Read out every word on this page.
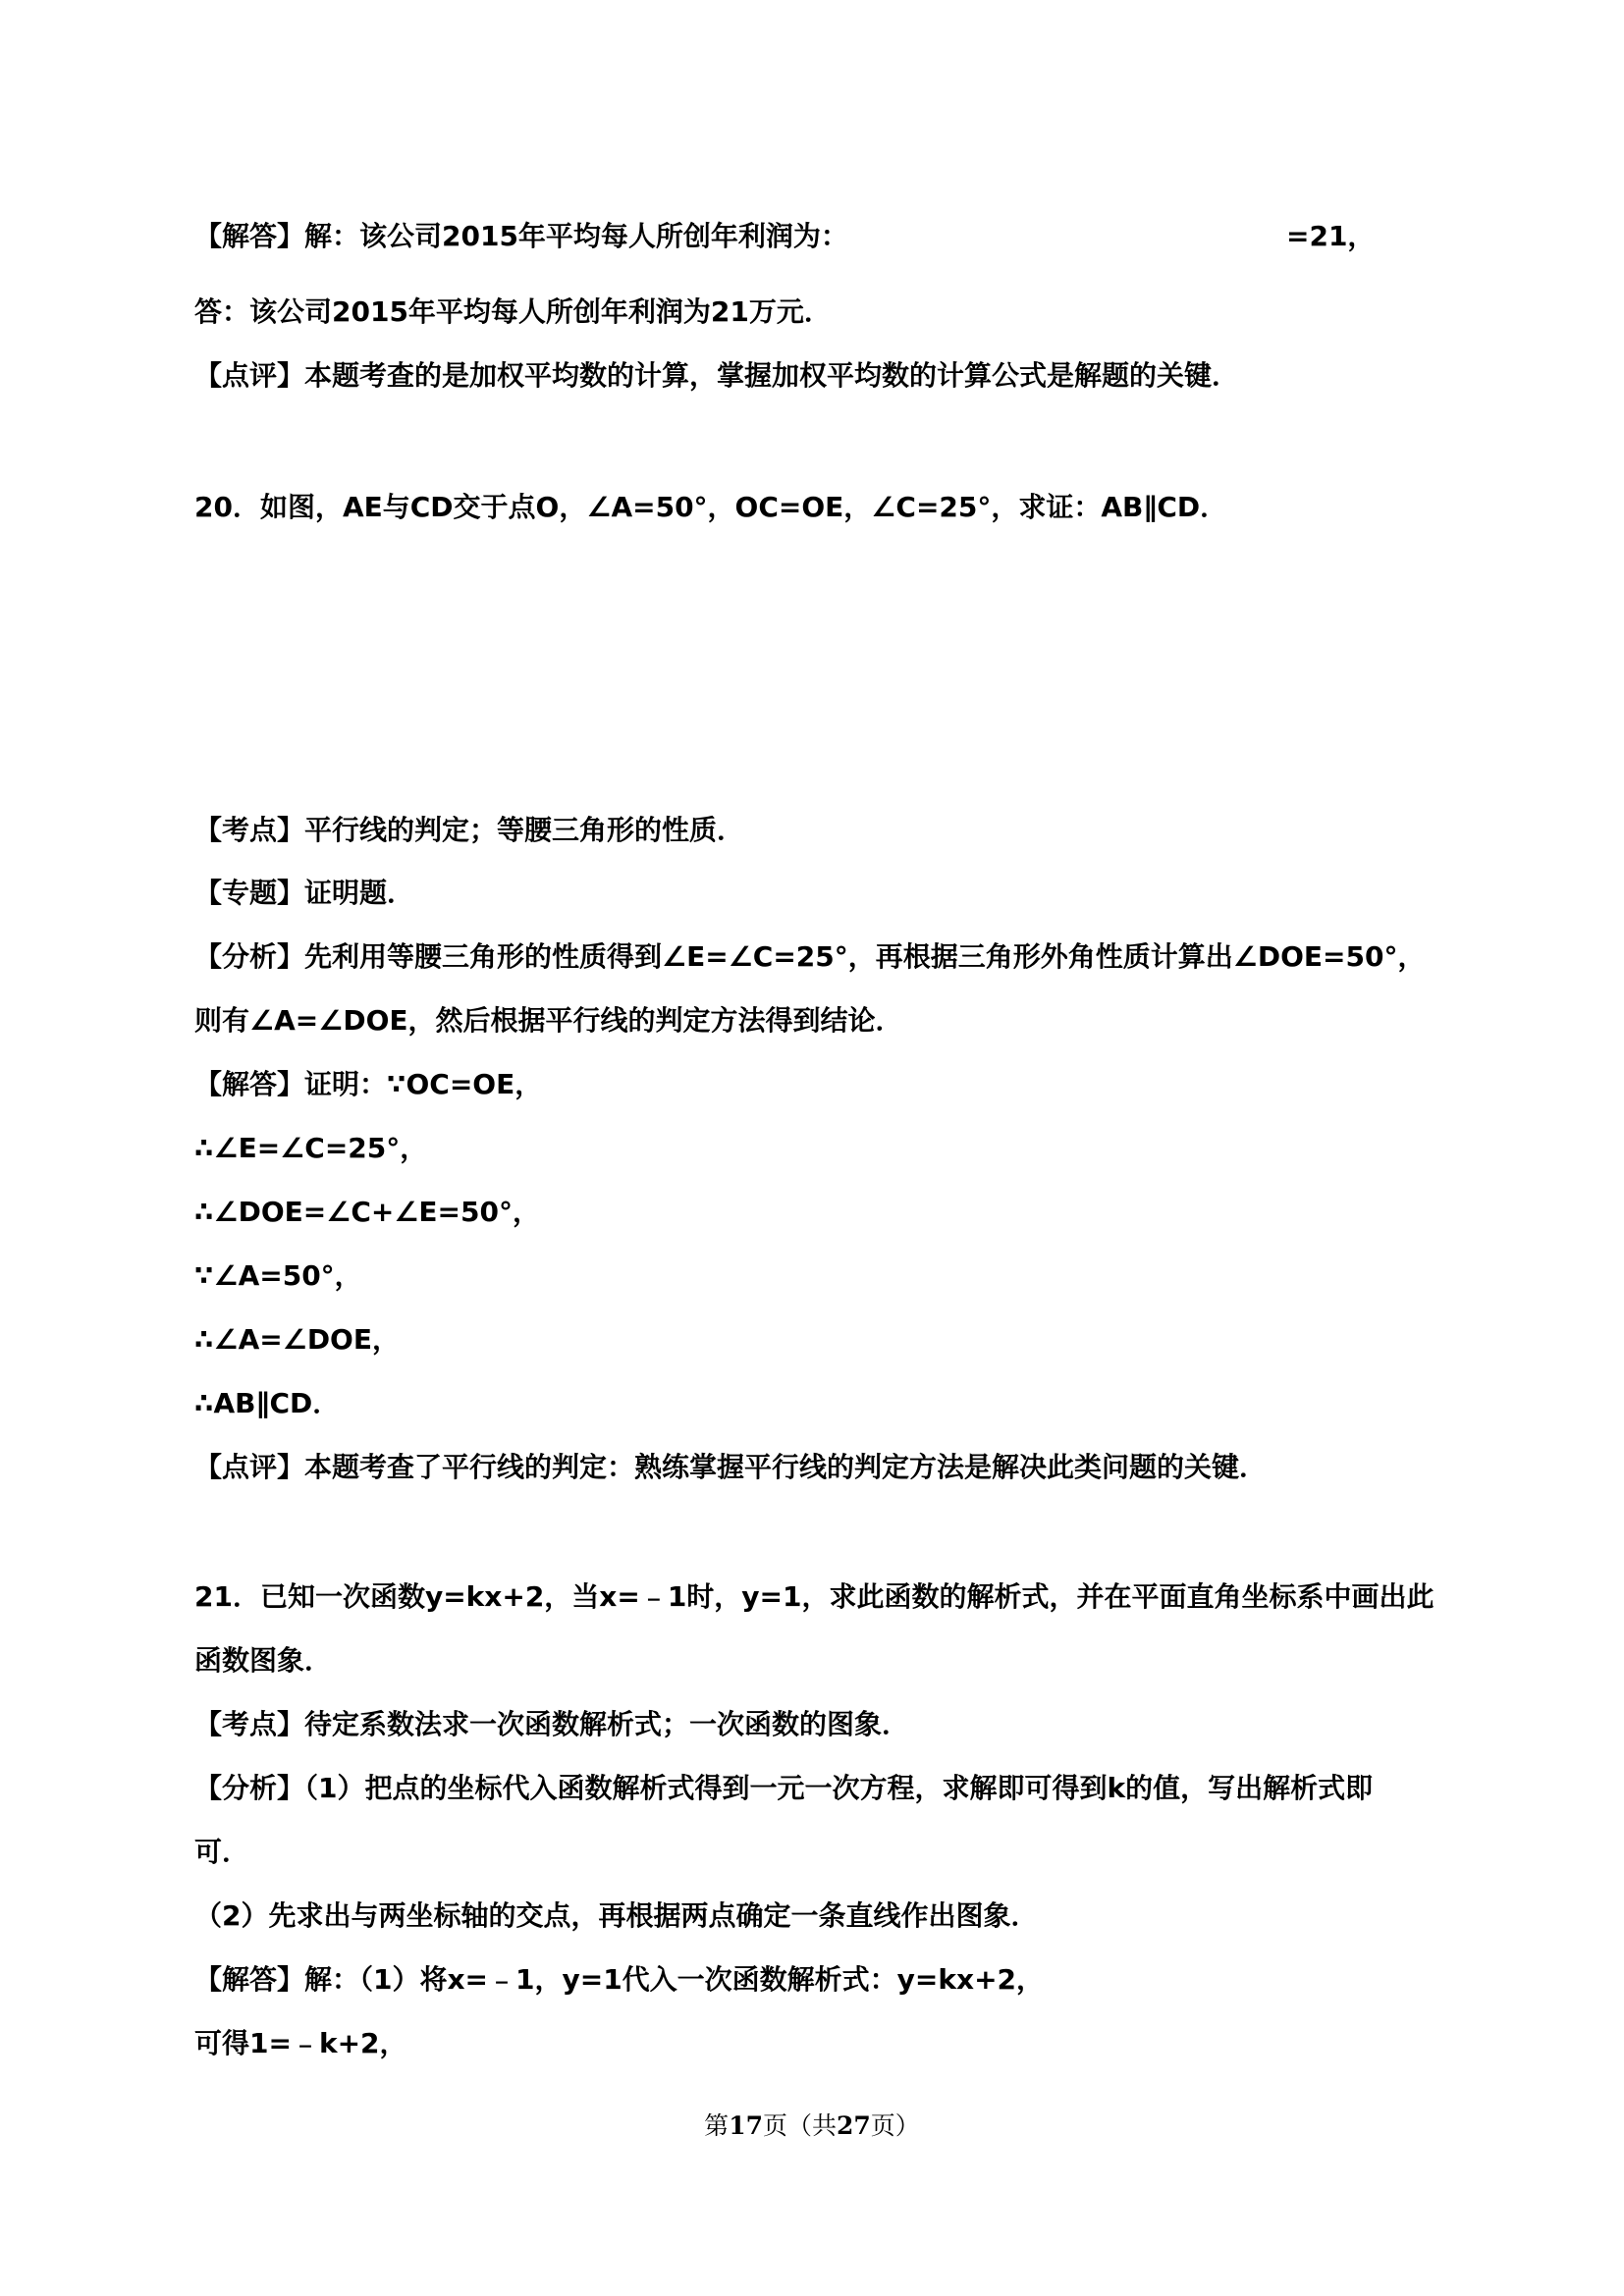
【解答】解：该公司2015年平均每人所创年利润为：	=21，
答：该公司2015年平均每人所创年利润为21万元．
【点评】本题考查的是加权平均数的计算，掌握加权平均数的计算公式是解题的关键．
20．如图，AE与CD交于点O，∠A=50°，OC=OE，∠C=25°，求证：AB∥CD．
【考点】平行线的判定；等腰三角形的性质．
【专题】证明题．
【分析】先利用等腰三角形的性质得到∠E=∠C=25°，再根据三角形外角性质计算出∠DOE=50°，
则有∠A=∠DOE，然后根据平行线的判定方法得到结论．
【解答】证明：∵OC=OE，
∴∠E=∠C=25°，
∴∠DOE=∠C+∠E=50°，
∵∠A=50°，
∴∠A=∠DOE，
∴AB∥CD．
【点评】本题考查了平行线的判定：熟练掌握平行线的判定方法是解决此类问题的关键．
21．已知一次函数y=kx+2，当x=﹣1时，y=1，求此函数的解析式，并在平面直角坐标系中画出此
函数图象．
【考点】待定系数法求一次函数解析式；一次函数的图象．
【分析】（1）把点的坐标代入函数解析式得到一元一次方程，求解即可得到k的值，写出解析式即
可．
（2）先求出与两坐标轴的交点，再根据两点确定一条直线作出图象．
【解答】解：（1）将x=﹣1，y=1代入一次函数解析式：y=kx+2，
可得1=﹣k+2，
第17页（共27页）
